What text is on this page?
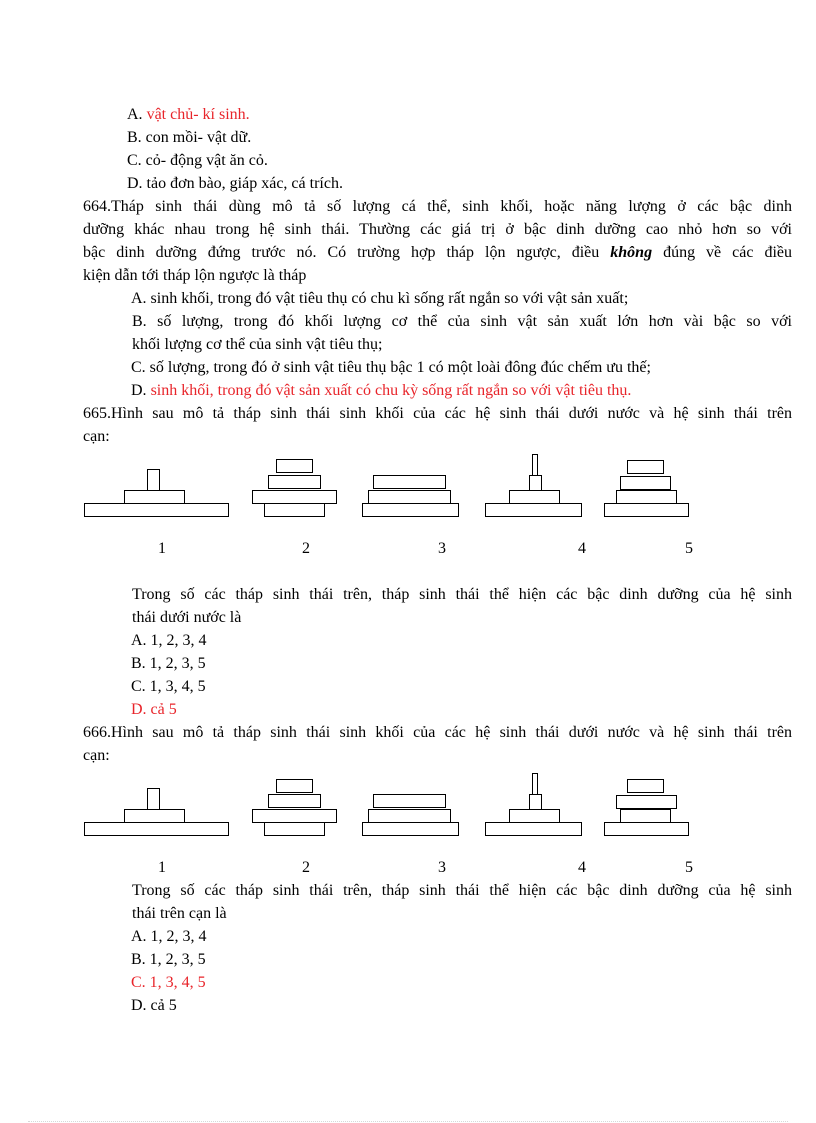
A. vật chủ- kí sinh.
B. con mồi- vật dữ.
C. cỏ- động vật ăn cỏ.
D. tảo đơn bào, giáp xác, cá trích.
664.Tháp sinh thái dùng mô tả số lượng cá thể, sinh khối, hoặc năng lượng ở các bậc dinh
dưỡng khác nhau trong hệ sinh thái. Thường các giá trị ở bậc dinh dưỡng cao nhỏ hơn so với
bậc dinh dưỡng đứng trước nó. Có trường hợp tháp lộn ngược, điều không đúng về các điều
kiện dẫn tới tháp lộn ngược là tháp
A. sinh khối, trong đó vật tiêu thụ có chu kì sống rất ngắn so với vật sản xuất;
B. số lượng, trong đó khối lượng cơ thể của sinh vật sản xuất lớn hơn vài bậc so với
khối lượng cơ thể của sinh vật tiêu thụ;
C. số lượng, trong đó ở sinh vật tiêu thụ bậc 1 có một loài đông đúc chếm ưu thế;
D. sinh khối, trong đó vật sản xuất có chu kỳ sống rất ngắn so với vật tiêu thụ.
665.Hình sau mô tả tháp sinh thái sinh khối của các hệ sinh thái dưới nước và hệ sinh thái trên
cạn:
1	2	3	4	5
Trong số các tháp sinh thái trên, tháp sinh thái thể hiện các bậc dinh dưỡng của hệ sinh
thái dưới nước là
A. 1, 2, 3, 4
B. 1, 2, 3, 5
C. 1, 3, 4, 5
D. cả 5
666.Hình sau mô tả tháp sinh thái sinh khối của các hệ sinh thái dưới nước và hệ sinh thái trên
cạn:
1	2	3	4	5
Trong số các tháp sinh thái trên, tháp sinh thái thể hiện các bậc dinh dưỡng của hệ sinh
thái trên cạn là
A. 1, 2, 3, 4
B. 1, 2, 3, 5
C. 1, 3, 4, 5
D. cả 5
